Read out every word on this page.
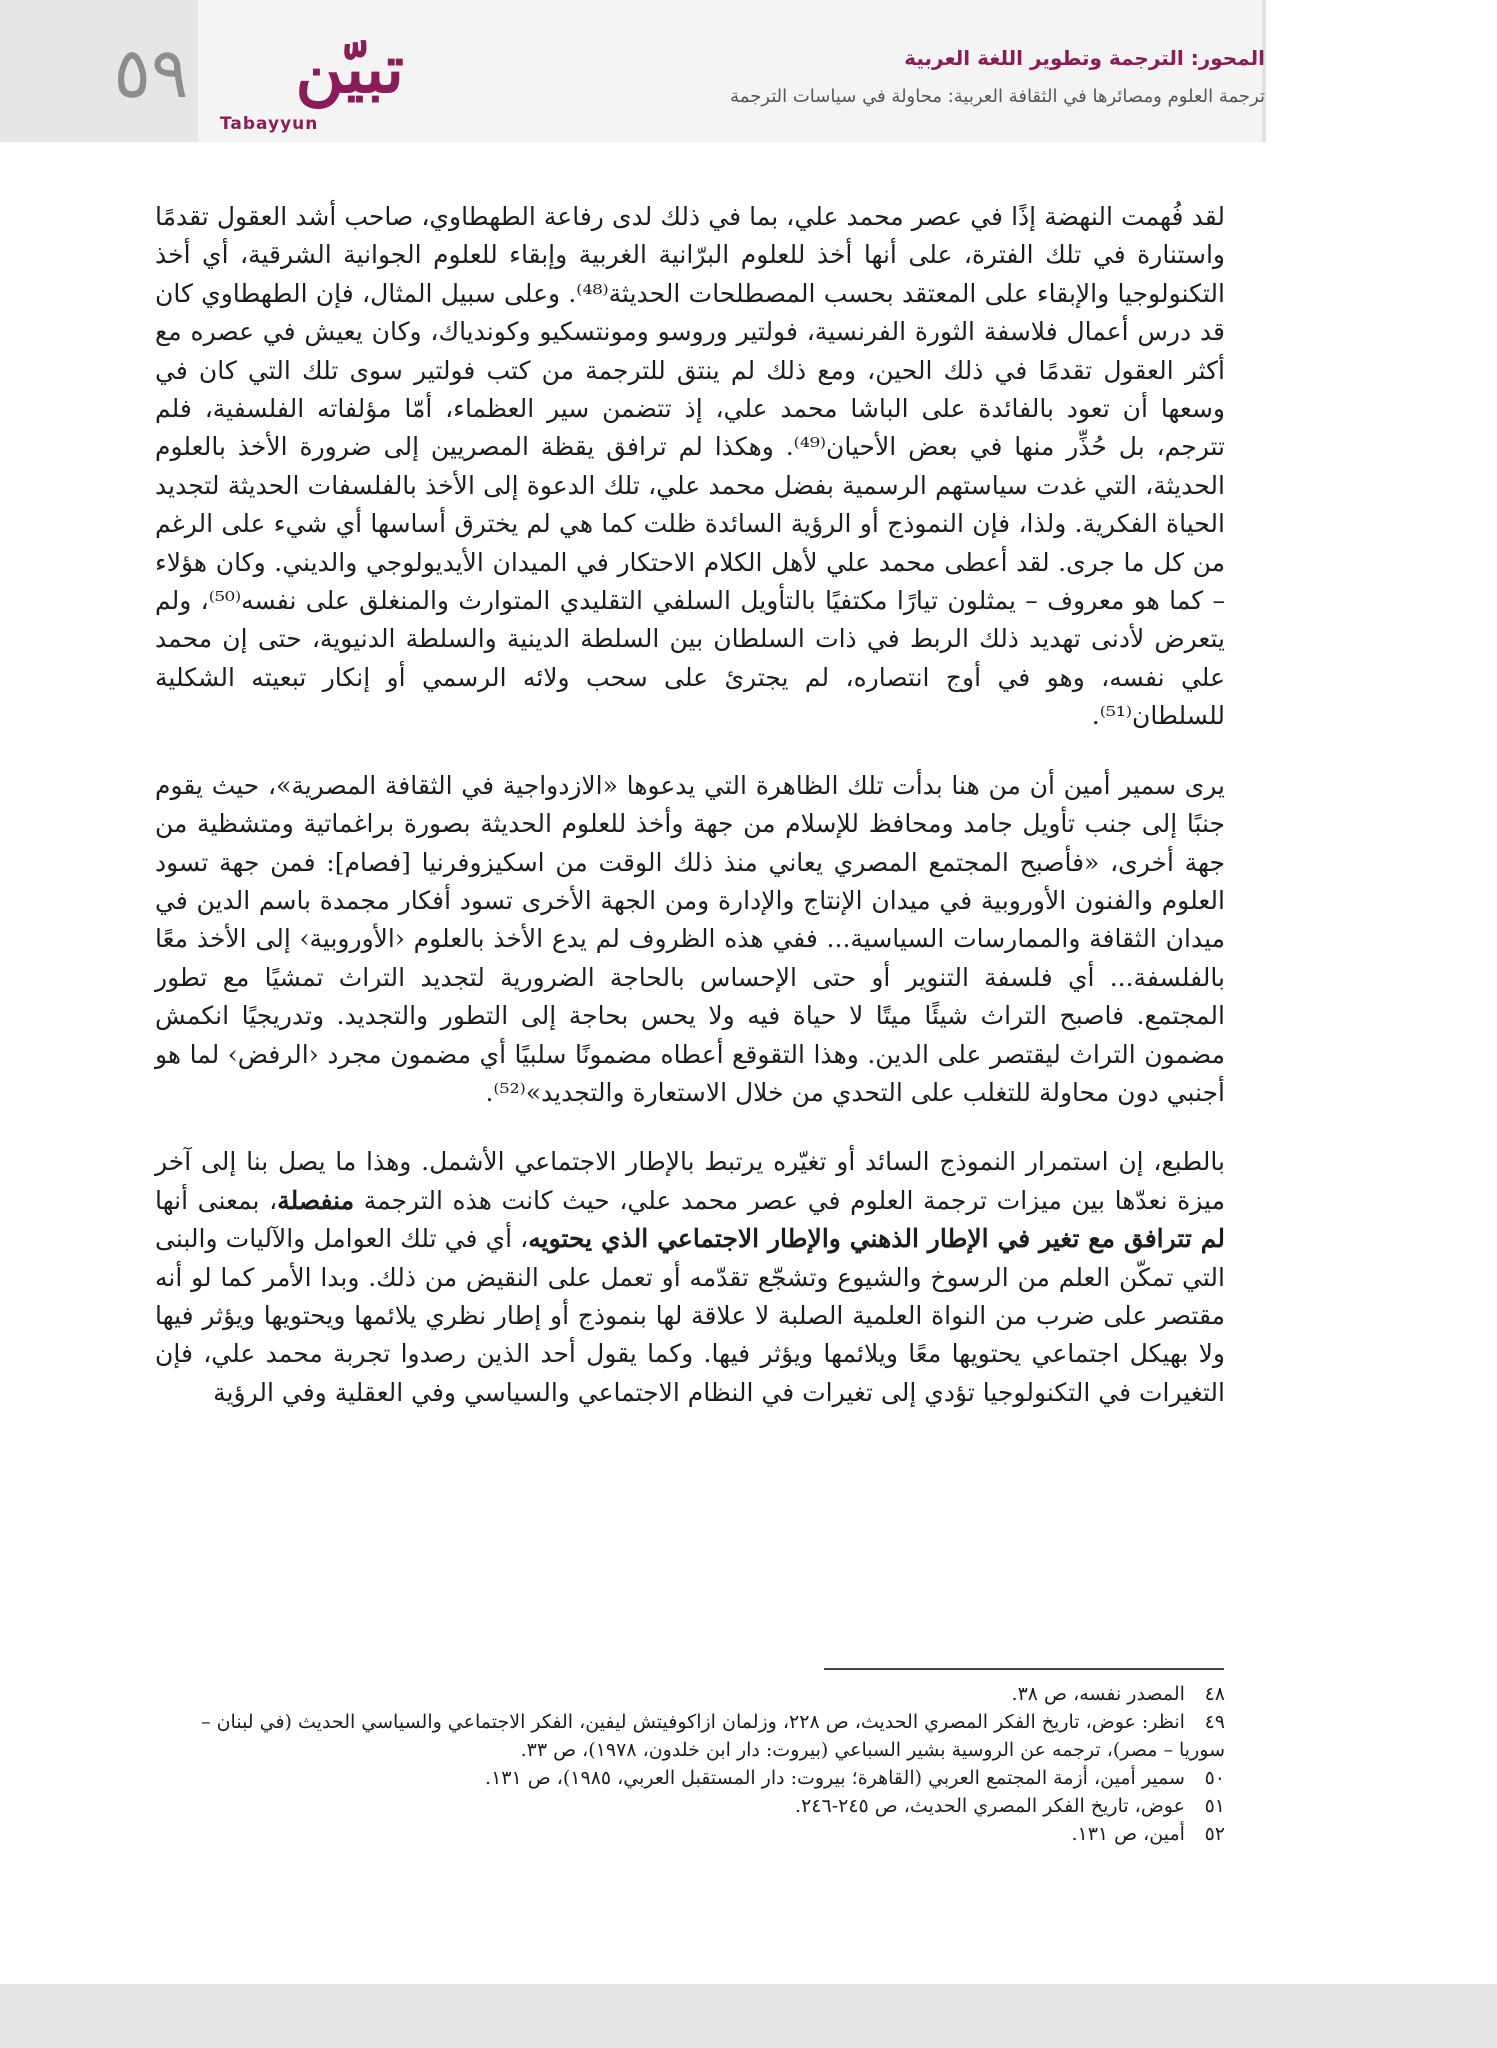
٥٩ تبيّن
Tabayyun

المحور: الترجمة وتطوير اللغة العربية

ترجمة العلوم ومصائرها في الثقافة العربية: محاولة في سياسات الترجمة

لقد فُهمت النهضة إذًا في عصر محمد علي، بما في ذلك لدى رفاعة الطهطاوي، صاحب أشد العقول تقدمًا واستنارة في تلك الفترة، على أنها أخذ للعلوم البرّانية الغربية وإبقاء للعلوم الجوانية الشرقية، أي أخذ التكنولوجيا والإبقاء على المعتقد بحسب المصطلحات الحديثة⁽⁴⁸⁾. وعلى سبيل المثال، فإن الطهطاوي كان قد درس أعمال فلاسفة الثورة الفرنسية، فولتير وروسو ومونتسكيو وكوندياك، وكان يعيش في عصره مع أكثر العقول تقدمًا في ذلك الحين، ومع ذلك لم ينتق للترجمة من كتب فولتير سوى تلك التي كان في وسعها أن تعود بالفائدة على الباشا محمد علي، إذ تتضمن سير العظماء، أمّا مؤلفاته الفلسفية، فلم تترجم، بل حُذِّر منها في بعض الأحيان⁽⁴⁹⁾. وهكذا لم ترافق يقظة المصريين إلى ضرورة الأخذ بالعلوم الحديثة، التي غدت سياستهم الرسمية بفضل محمد علي، تلك الدعوة إلى الأخذ بالفلسفات الحديثة لتجديد الحياة الفكرية. ولذا، فإن النموذج أو الرؤية السائدة ظلت كما هي لم يخترق أساسها أي شيء على الرغم من كل ما جرى. لقد أعطى محمد علي لأهل الكلام الاحتكار في الميدان الأيديولوجي والديني. وكان هؤلاء – كما هو معروف – يمثلون تيارًا مكتفيًا بالتأويل السلفي التقليدي المتوارث والمنغلق على نفسه⁽⁵⁰⁾، ولم يتعرض لأدنى تهديد ذلك الربط في ذات السلطان بين السلطة الدينية والسلطة الدنيوية، حتى إن محمد علي نفسه، وهو في أوج انتصاره، لم يجترئ على سحب ولائه الرسمي أو إنكار تبعيته الشكلية للسلطان⁽⁵¹⁾.

يرى سمير أمين أن من هنا بدأت تلك الظاهرة التي يدعوها «الازدواجية في الثقافة المصرية»، حيث يقوم جنبًا إلى جنب تأويل جامد ومحافظ للإسلام من جهة وأخذ للعلوم الحديثة بصورة براغماتية ومتشظية من جهة أخرى، «فأصبح المجتمع المصري يعاني منذ ذلك الوقت من اسكيزوفرنيا [فصام]: فمن جهة تسود العلوم والفنون الأوروبية في ميدان الإنتاج والإدارة ومن الجهة الأخرى تسود أفكار مجمدة باسم الدين في ميدان الثقافة والممارسات السياسية... ففي هذه الظروف لم يدع الأخذ بالعلوم ‹الأوروبية› إلى الأخذ معًا بالفلسفة... أي فلسفة التنوير أو حتى الإحساس بالحاجة الضرورية لتجديد التراث تمشيًا مع تطور المجتمع. فاصبح التراث شيئًا ميتًا لا حياة فيه ولا يحس بحاجة إلى التطور والتجديد. وتدريجيًا انكمش مضمون التراث ليقتصر على الدين. وهذا التقوقع أعطاه مضمونًا سلبيًا أي مضمون مجرد ‹الرفض› لما هو أجنبي دون محاولة للتغلب على التحدي من خلال الاستعارة والتجديد»⁽⁵²⁾.

بالطبع، إن استمرار النموذج السائد أو تغيّره يرتبط بالإطار الاجتماعي الأشمل. وهذا ما يصل بنا إلى آخر ميزة نعدّها بين ميزات ترجمة العلوم في عصر محمد علي، حيث كانت هذه الترجمة منفصلة، بمعنى أنها لم تترافق مع تغير في الإطار الذهني والإطار الاجتماعي الذي يحتويه، أي في تلك العوامل والآليات والبنى التي تمكّن العلم من الرسوخ والشيوع وتشجّع تقدّمه أو تعمل على النقيض من ذلك. وبدا الأمر كما لو أنه مقتصر على ضرب من النواة العلمية الصلبة لا علاقة لها بنموذج أو إطار نظري يلائمها ويحتويها ويؤثر فيها ولا بهيكل اجتماعي يحتويها معًا ويلائمها ويؤثر فيها. وكما يقول أحد الذين رصدوا تجربة محمد علي، فإن التغيرات في التكنولوجيا تؤدي إلى تغيرات في النظام الاجتماعي والسياسي وفي العقلية وفي الرؤية

٤٨ المصدر نفسه، ص ٣٨.

٤٩ انظر: عوض، تاريخ الفكر المصري الحديث، ص ٢٢٨، وزلمان ازاكوفيتش ليفين، الفكر الاجتماعي والسياسي الحديث (في لبنان – سوريا – مصر)، ترجمه عن الروسية بشير السباعي (بيروت: دار ابن خلدون، ١٩٧٨)، ص ٣٣.

٥٠ سمير أمين، أزمة المجتمع العربي (القاهرة؛ بيروت: دار المستقبل العربي، ١٩٨٥)، ص ١٣١.

٥١ عوض، تاريخ الفكر المصري الحديث، ص ٢٤٥-٢٤٦.

٥٢ أمين، ص ١٣١.
